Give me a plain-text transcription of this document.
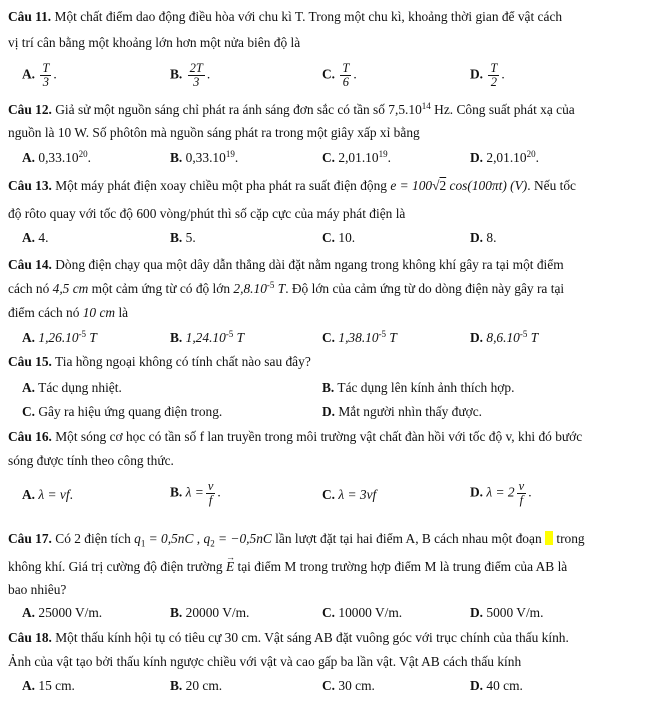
Câu 11. Một chất điểm dao động điều hòa với chu kì T. Trong một chu kì, khoảng thời gian để vật cách
vị trí cân bằng một khoảng lớn hơn một nửa biên độ là
A. $\frac{T}{3}$ .	B. $\frac{2T}{3}$ .	C. $\frac{T}{6}$ .	D. $\frac{T}{2}$ .
Câu 12. Giả sử một nguồn sáng chỉ phát ra ánh sáng đơn sắc có tần số 7,5.10$^{14}$ Hz. Công suất phát xạ của
nguồn là 10 W. Số phôtôn mà nguồn sáng phát ra trong một giây xấp xỉ bằng
A. 0,33.10$^{20}$.	B. 0,33.10$^{19}$.	C. 2,01.10$^{19}$.	D. 2,01.10$^{20}$.
Câu 13. Một máy phát điện xoay chiều một pha phát ra suất điện động e = 100√2 cos(100πt) (V). Nếu tốc
độ rôto quay với tốc độ 600 vòng/phút thì số cặp cực của máy phát điện là
A. 4.	B. 5.	C. 10.	D. 8.
Câu 14. Dòng điện chạy qua một dây dẫn thẳng dài đặt nằm ngang trong không khí gây ra tại một điểm
cách nó 4,5 cm một cảm ứng từ có độ lớn $2,8.10^{-5}$ T. Độ lớn của cảm ứng từ do dòng điện này gây ra tại
điểm cách nó 10 cm là
A. $1,26.10^{-5}$ T	B. $1,24.10^{-5}$ T	C. $1,38.10^{-5}$ T	D. $8,6.10^{-5}$ T
Câu 15. Tia hồng ngoại không có tính chất nào sau đây?
A. Tác dụng nhiệt.	B. Tác dụng lên kính ảnh thích hợp.
C. Gây ra hiệu ứng quang điện trong.	D. Mắt người nhìn thấy được.
Câu 16. Một sóng cơ học có tần số f lan truyền trong môi trường vật chất đàn hồi với tốc độ v, khi đó bước
sóng được tính theo công thức.
A. λ = vf.	B. $\lambda = \frac{v}{f}$ .	C. λ = 3vf	D. $\lambda = 2 \frac{v}{f}$ .
Câu 17. Có 2 điện tích $q_1 = 0,5nC$ , $q_2 = -0,5nC$ lần lượt đặt tại hai điểm A, B cách nhau một đoạn  trong
không khí. Giá trị cường độ điện trường → E tại điểm M trong trường hợp điểm M là trung điểm của AB là
bao nhiêu?
A. 25000 V/m.	B. 20000 V/m.	C. 10000 V/m.	D. 5000 V/m.
Câu 18. Một thấu kính hội tụ có tiêu cự 30 cm. Vật sáng AB đặt vuông góc với trục chính của thấu kính.
Ảnh của vật tạo bởi thấu kính ngược chiều với vật và cao gấp ba lần vật. Vật AB cách thấu kính
A. 15 cm.	B. 20 cm.	C. 30 cm.	D. 40 cm.
